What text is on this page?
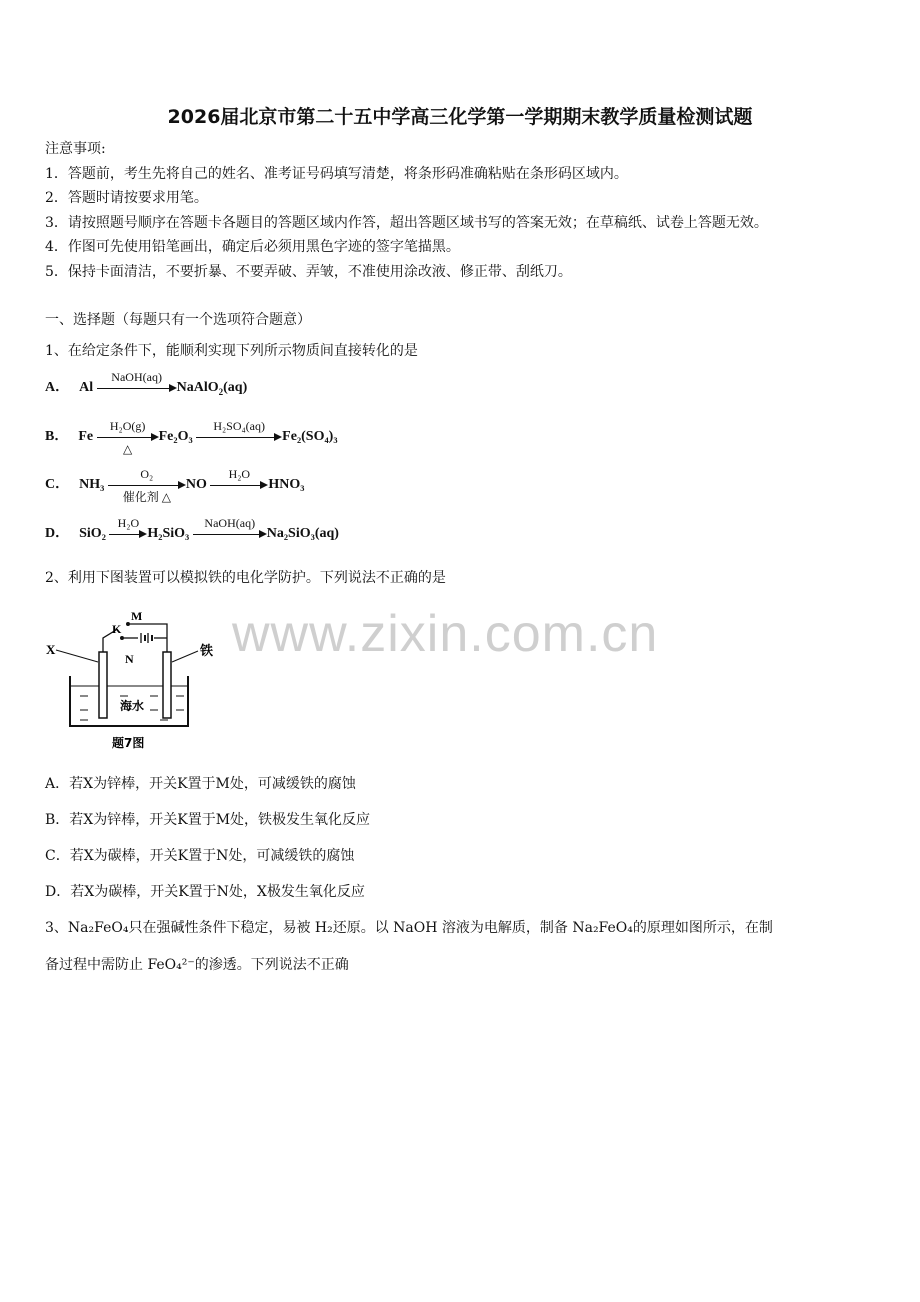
2026届北京市第二十五中学高三化学第一学期期末教学质量检测试题
注意事项:
1．答题前，考生先将自己的姓名、准考证号码填写清楚，将条形码准确粘贴在条形码区域内。
2．答题时请按要求用笔。
3．请按照题号顺序在答题卡各题目的答题区域内作答，超出答题区域书写的答案无效；在草稿纸、试卷上答题无效。
4．作图可先使用铅笔画出，确定后必须用黑色字迹的签字笔描黑。
5．保持卡面清洁，不要折暴、不要弄破、弄皱，不准使用涂改液、修正带、刮纸刀。
一、选择题（每题只有一个选项符合题意）
1、在给定条件下，能顺利实现下列所示物质间直接转化的是
A． Al
NaOH(aq)
NaAlO$_2$(aq)
B． Fe
H₂O(g)
△
Fe₂O₃
H₂SO₄(aq)
Fe₂(SO₄)₃
C． NH₃
O₂
催化剂 △
NO
H₂O
HNO₃
D． SiO₂
H₂O
H₂SiO₃
NaOH(aq)
Na₂SiO₃(aq)
2、利用下图装置可以模拟铁的电化学防护。下列说法不正确的是
M
K
N
X	铁
海水
题7图
www.zixin.com.cn
A．若X为锌棒，开关K置于M处，可减缓铁的腐蚀
B．若X为锌棒，开关K置于M处，铁极发生氧化反应
C．若X为碳棒，开关K置于N处，可减缓铁的腐蚀
D．若X为碳棒，开关K置于N处，X极发生氧化反应
3、Na₂FeO₄只在强碱性条件下稳定，易被 H₂还原。以 NaOH 溶液为电解质，制备 Na₂FeO₄的原理如图所示，在制
备过程中需防止 FeO₄²⁻的渗透。下列说法不正确
